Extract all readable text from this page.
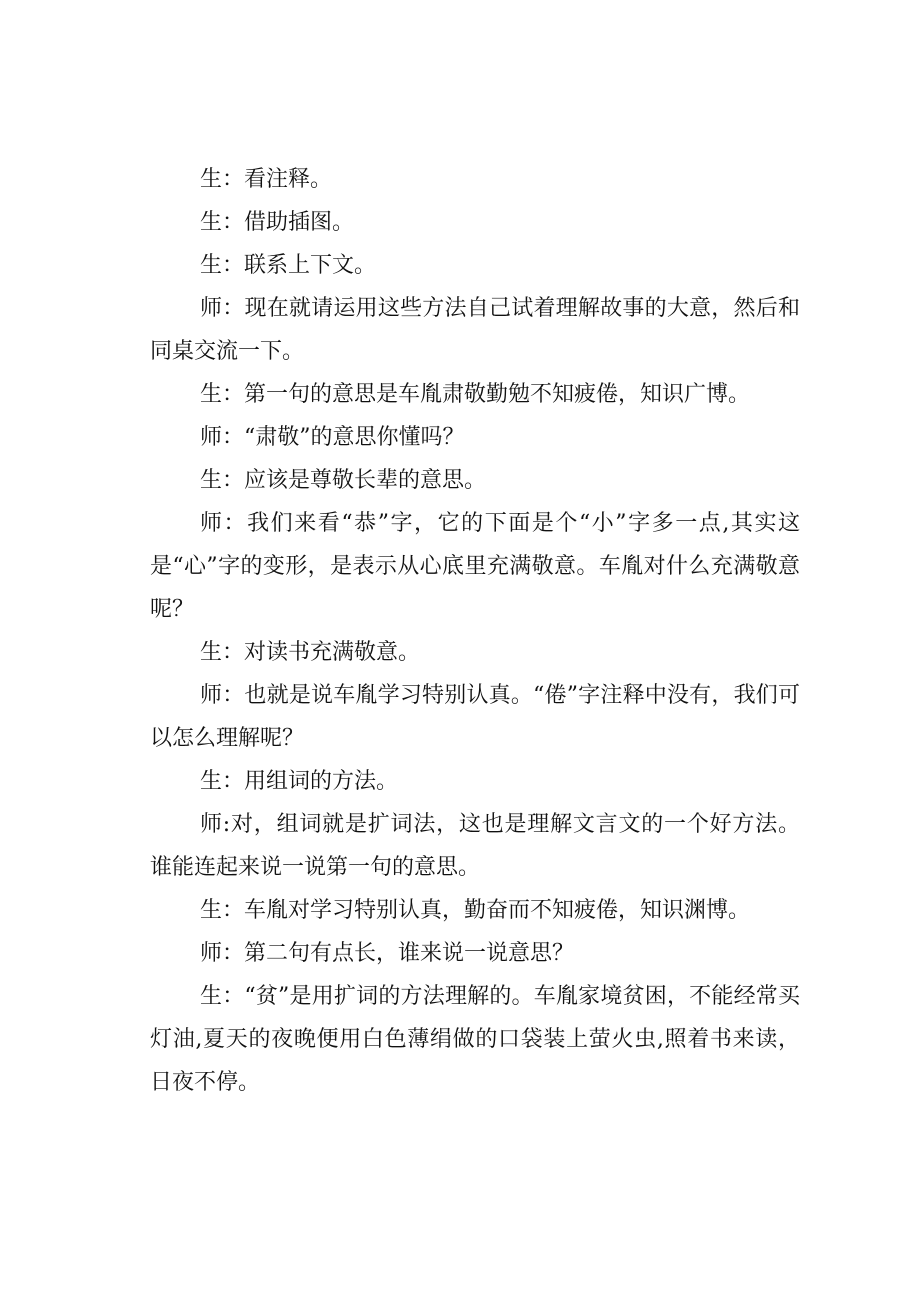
生：看注释。

生：借助插图。

生：联系上下文。

师：现在就请运用这些方法自己试着理解故事的大意，然后和同桌交流一下。

生：第一句的意思是车胤肃敬勤勉不知疲倦，知识广博。

师：“肃敬”的意思你懂吗？

生：应该是尊敬长辈的意思。

师：我们来看“恭”字，它的下面是个“小”字多一点,其实这是“心”字的变形，是表示从心底里充满敬意。车胤对什么充满敬意呢？

生：对读书充满敬意。

师：也就是说车胤学习特别认真。“倦”字注释中没有，我们可以怎么理解呢？

生：用组词的方法。

师:对，组词就是扩词法，这也是理解文言文的一个好方法。谁能连起来说一说第一句的意思。

生：车胤对学习特别认真，勤奋而不知疲倦，知识渊博。

师：第二句有点长，谁来说一说意思？

生：“贫”是用扩词的方法理解的。车胤家境贫困，不能经常买灯油,夏天的夜晚便用白色薄绢做的口袋装上萤火虫,照着书来读，日夜不停。
